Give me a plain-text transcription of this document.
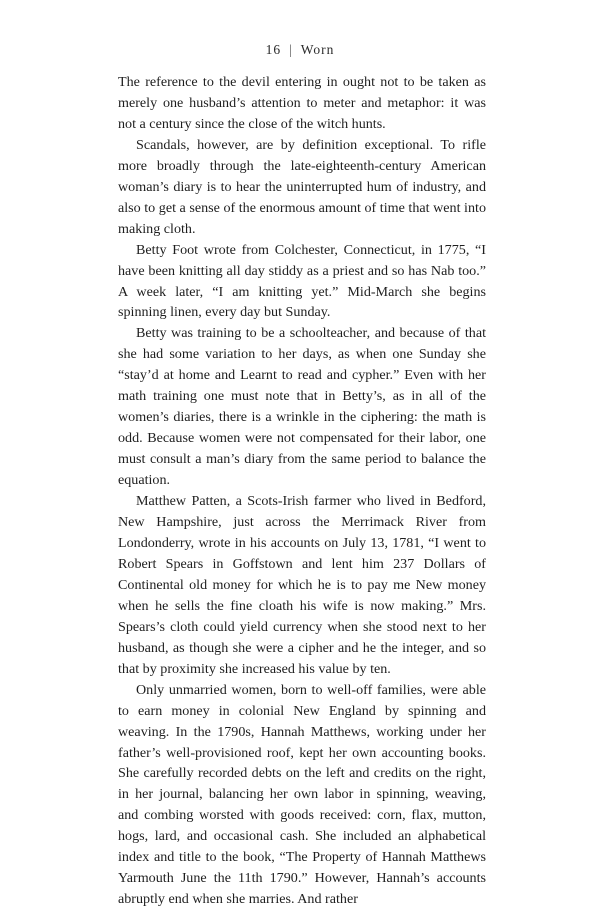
16 | Worn

The reference to the devil entering in ought not to be taken as merely one husband’s attention to meter and metaphor: it was not a century since the close of the witch hunts.

Scandals, however, are by definition exceptional. To rifle more broadly through the late-eighteenth-century American woman’s diary is to hear the uninterrupted hum of industry, and also to get a sense of the enormous amount of time that went into making cloth.

Betty Foot wrote from Colchester, Connecticut, in 1775, “I have been knitting all day stiddy as a priest and so has Nab too.” A week later, “I am knitting yet.” Mid-March she begins spinning linen, every day but Sunday.

Betty was training to be a schoolteacher, and because of that she had some variation to her days, as when one Sunday she “stay’d at home and Learnt to read and cypher.” Even with her math training one must note that in Betty’s, as in all of the women’s diaries, there is a wrinkle in the ciphering: the math is odd. Because women were not compensated for their labor, one must consult a man’s diary from the same period to balance the equation.

Matthew Patten, a Scots-Irish farmer who lived in Bedford, New Hampshire, just across the Merrimack River from Londonderry, wrote in his accounts on July 13, 1781, “I went to Robert Spears in Goffstown and lent him 237 Dollars of Continental old money for which he is to pay me New money when he sells the fine cloath his wife is now making.” Mrs. Spears’s cloth could yield currency when she stood next to her husband, as though she were a cipher and he the integer, and so that by proximity she increased his value by ten.

Only unmarried women, born to well-off families, were able to earn money in colonial New England by spinning and weaving. In the 1790s, Hannah Matthews, working under her father’s well-provisioned roof, kept her own accounting books. She carefully recorded debts on the left and credits on the right, in her journal, balancing her own labor in spinning, weaving, and combing worsted with goods received: corn, flax, mutton, hogs, lard, and occasional cash. She included an alphabetical index and title to the book, “The Property of Hannah Matthews Yarmouth June the 11th 1790.” However, Hannah’s accounts abruptly end when she marries. And rather
